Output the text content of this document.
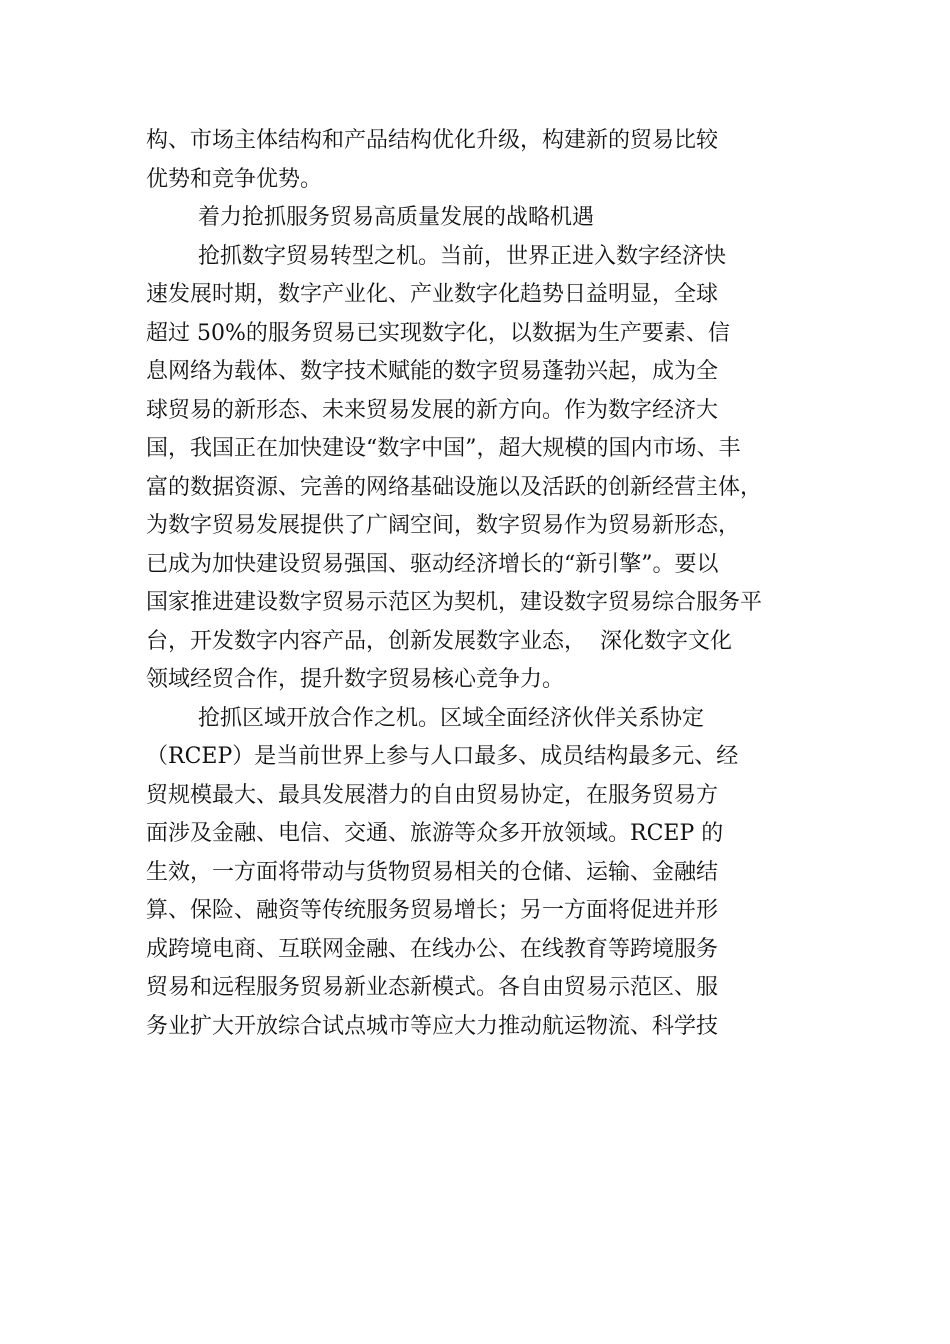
构、市场主体结构和产品结构优化升级，构建新的贸易比较
优势和竞争优势。
着力抢抓服务贸易高质量发展的战略机遇
抢抓数字贸易转型之机。当前，世界正进入数字经济快
速发展时期，数字产业化、产业数字化趋势日益明显，全球
超过 50%的服务贸易已实现数字化，以数据为生产要素、信
息网络为载体、数字技术赋能的数字贸易蓬勃兴起，成为全
球贸易的新形态、未来贸易发展的新方向。作为数字经济大
国，我国正在加快建设“数字中国”，超大规模的国内市场、丰
富的数据资源、完善的网络基础设施以及活跃的创新经营主体，
为数字贸易发展提供了广阔空间，数字贸易作为贸易新形态，
已成为加快建设贸易强国、驱动经济增长的“新引擎”。要以
国家推进建设数字贸易示范区为契机，建设数字贸易综合服务平
台，开发数字内容产品，创新发展数字业态，  深化数字文化
领域经贸合作，提升数字贸易核心竞争力。
抢抓区域开放合作之机。区域全面经济伙伴关系协定
（RCEP）是当前世界上参与人口最多、成员结构最多元、经
贸规模最大、最具发展潜力的自由贸易协定，在服务贸易方
面涉及金融、电信、交通、旅游等众多开放领域。RCEP 的
生效，一方面将带动与货物贸易相关的仓储、运输、金融结
算、保险、融资等传统服务贸易增长；另一方面将促进并形
成跨境电商、互联网金融、在线办公、在线教育等跨境服务
贸易和远程服务贸易新业态新模式。各自由贸易示范区、服
务业扩大开放综合试点城市等应大力推动航运物流、科学技
